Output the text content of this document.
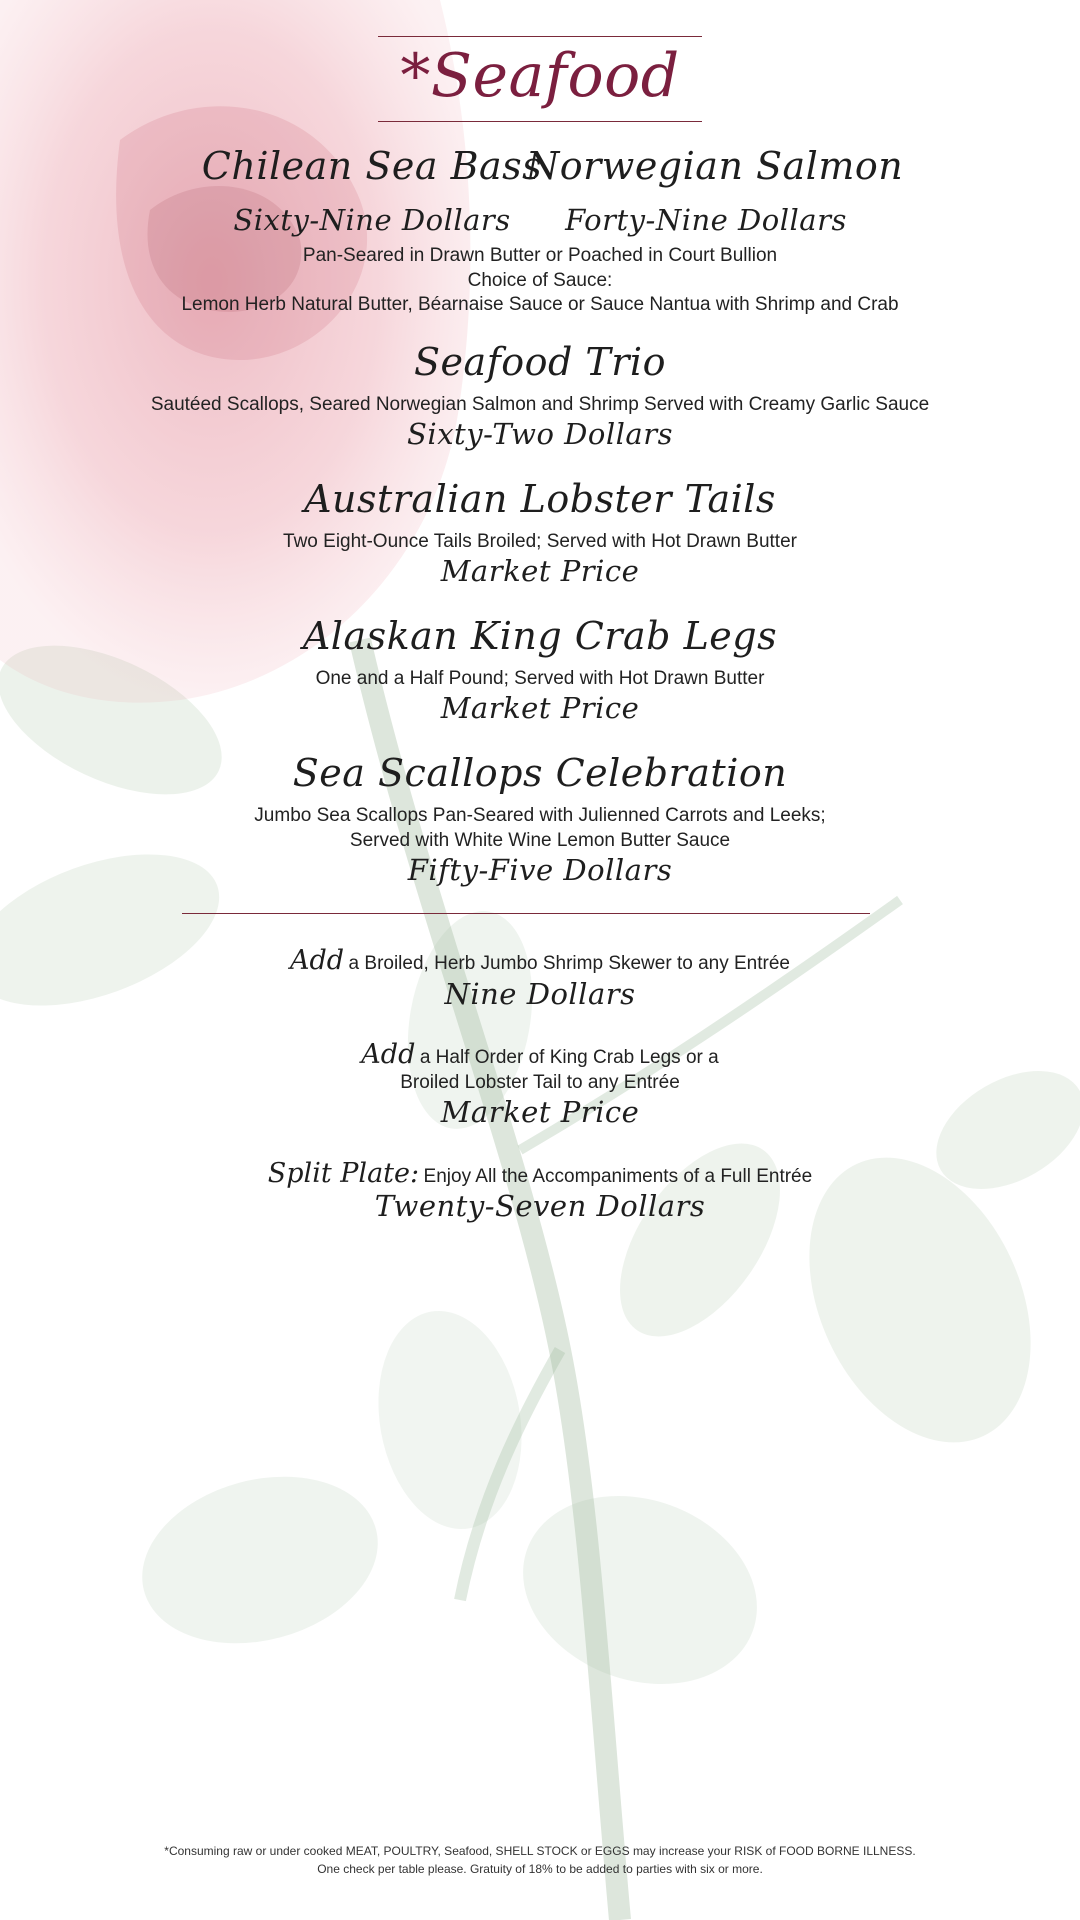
*Seafood
Chilean Sea Bass
Norwegian Salmon
Sixty-Nine Dollars	Forty-Nine Dollars
Pan-Seared in Drawn Butter or Poached in Court Bullion
Choice of Sauce:
Lemon Herb Natural Butter, Béarnaise Sauce or Sauce Nantua with Shrimp and Crab
Seafood Trio
Sautéed Scallops, Seared Norwegian Salmon and Shrimp Served with Creamy Garlic Sauce
Sixty-Two Dollars
Australian Lobster Tails
Two Eight-Ounce Tails Broiled; Served with Hot Drawn Butter
Market Price
Alaskan King Crab Legs
One and a Half Pound; Served with Hot Drawn Butter
Market Price
Sea Scallops Celebration
Jumbo Sea Scallops Pan-Seared with Julienned Carrots and Leeks;
Served with White Wine Lemon Butter Sauce
Fifty-Five Dollars
Add a Broiled, Herb Jumbo Shrimp Skewer to any Entrée
Nine Dollars
Add a Half Order of King Crab Legs or a
Broiled Lobster Tail to any Entrée
Market Price
Split Plate: Enjoy All the Accompaniments of a Full Entrée
Twenty-Seven Dollars
*Consuming raw or under cooked MEAT, POULTRY, Seafood, SHELL STOCK or EGGS may increase your RISK of FOOD BORNE ILLNESS.
One check per table please. Gratuity of 18% to be added to parties with six or more.
